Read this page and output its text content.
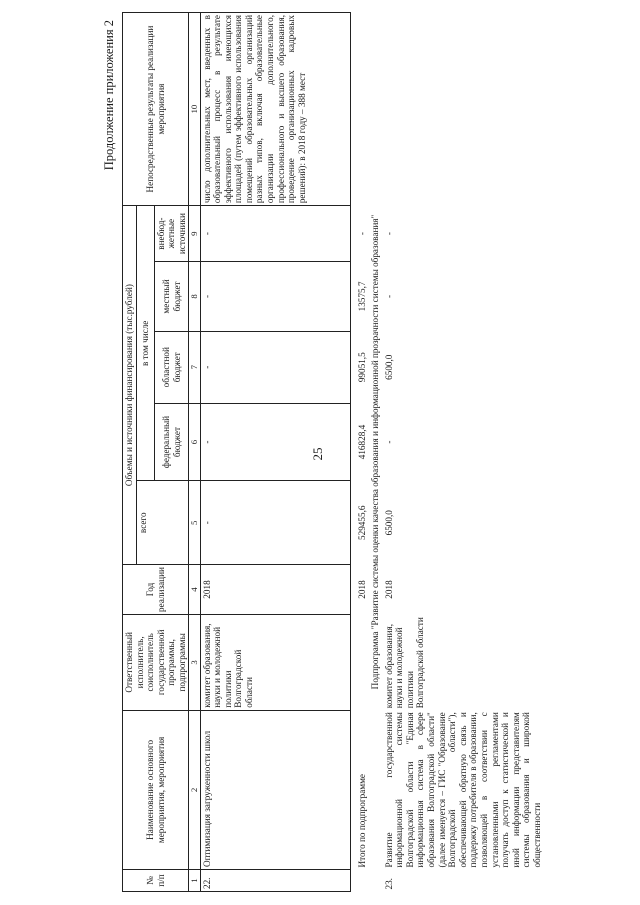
25
Продолжение приложения 2
№ п/п	Наименование основного мероприятия, мероприятия	Ответственный исполнитель, соисполнитель государственной программы, подпрограммы	Год реализации	Объемы и источники финансирования (тыс.рублей)					Непосредственные результаты реализации мероприятия
				всего	в том числе				
					федеральный бюджет	областной бюджет	местный бюджет	внебюд-жетные источники	
1	2	3	4	5	6	7	8	9	10
22.	Оптимизация загруженности школ	комитет образования, науки и молодежной политики Волгоградской области	2018	-	-	-	-	-	число дополнительных мест, введенных в образовательный процесс в результате эффективного использования имеющихся площадей (путем эффективного использования помещений образовательных организаций разных типов, включая образовательные организации дополнительного, профессионального и высшего образования, проведение организационных кадровых решений): в 2018 году – 388 мест
	Итого по подпрограмме		2018	529455,6	416828,4	99051,5	13575,7	-	
Подпрограмма "Развитие системы оценки качества образования и информационной прозрачности системы образования"									
23.	Развитие государственной информационной системы Волгоградской области "Единая информационная система в сфере образования Волгоградской области" (далее именуется – ГИС "Образование Волгоградской области"), обеспечивающей обратную связь и поддержку потребителя в образовании, позволяющей в соответствии с установленными регламентами получать доступ к статистической и иной информации представителям системы образования и широкой общественности	комитет образования, науки и молодежной политики Волгоградской области	2018	6500,0	-	6500,0	-	-	
